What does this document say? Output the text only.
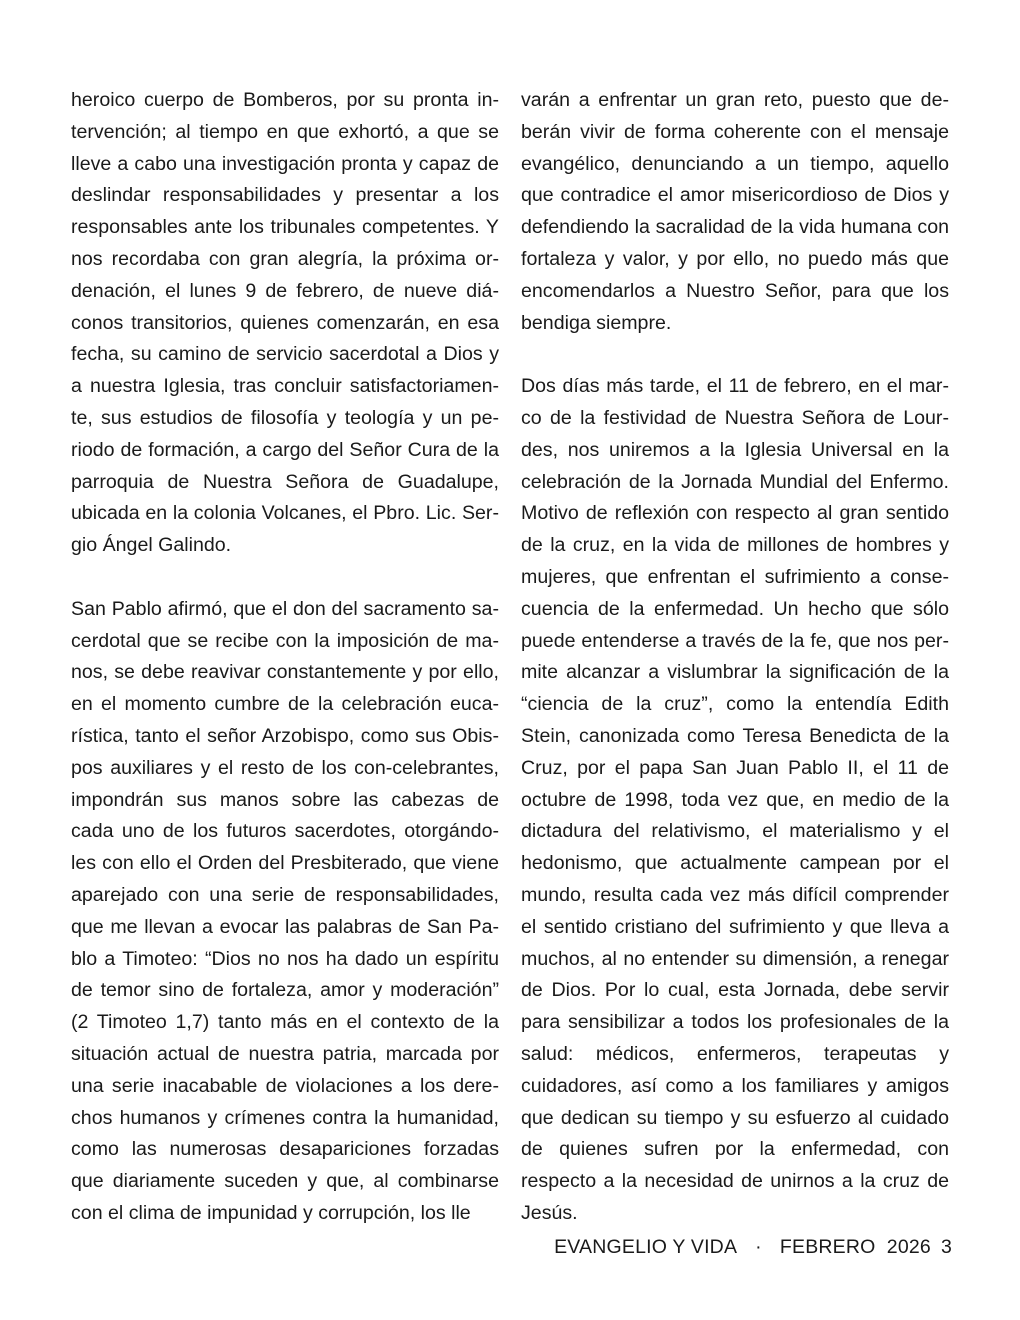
heroico cuerpo de Bomberos, por su pronta intervención; al tiempo en que exhortó, a que se lleve a cabo una investigación pronta y capaz de deslindar responsabilidades y presentar a los responsables ante los tribunales competentes. Y nos recordaba con gran alegría, la próxima ordenación, el lunes 9 de febrero, de nueve diáconos transitorios, quienes comenzarán, en esa fecha, su camino de servicio sacerdotal a Dios y a nuestra Iglesia, tras concluir satisfactoriamente, sus estudios de filosofía y teología y un periodo de formación, a cargo del Señor Cura de la parroquia de Nuestra Señora de Guadalupe, ubicada en la colonia Volcanes, el Pbro. Lic. Sergio Ángel Galindo.

San Pablo afirmó, que el don del sacramento sacerdotal que se recibe con la imposición de manos, se debe reavivar constantemente y por ello, en el momento cumbre de la celebración eucarística, tanto el señor Arzobispo, como sus Obispos auxiliares y el resto de los con-celebrantes, impondrán sus manos sobre las cabezas de cada uno de los futuros sacerdotes, otorgándoles con ello el Orden del Presbiterado, que viene aparejado con una serie de responsabilidades, que me llevan a evocar las palabras de San Pablo a Timoteo: “Dios no nos ha dado un espíritu de temor sino de fortaleza, amor y moderación” (2 Timoteo 1,7) tanto más en el contexto de la situación actual de nuestra patria, marcada por una serie inacabable de violaciones a los derechos humanos y crímenes contra la humanidad, como las numerosas desapariciones forzadas que diariamente suceden y que, al combinarse con el clima de impunidad y corrupción, los lle

varán a enfrentar un gran reto, puesto que deberán vivir de forma coherente con el mensaje evangélico, denunciando a un tiempo, aquello que contradice el amor misericordioso de Dios y defendiendo la sacralidad de la vida humana con fortaleza y valor, y por ello, no puedo más que encomendarlos a Nuestro Señor, para que los bendiga siempre.

Dos días más tarde, el 11 de febrero, en el marco de la festividad de Nuestra Señora de Lourdes, nos uniremos a la Iglesia Universal en la celebración de la Jornada Mundial del Enfermo. Motivo de reflexión con respecto al gran sentido de la cruz, en la vida de millones de hombres y mujeres, que enfrentan el sufrimiento a consecuencia de la enfermedad. Un hecho que sólo puede entenderse a través de la fe, que nos permite alcanzar a vislumbrar la significación de la “ciencia de la cruz”, como la entendía Edith Stein, canonizada como Teresa Benedicta de la Cruz, por el papa San Juan Pablo II, el 11 de octubre de 1998, toda vez que, en medio de la dictadura del relativismo, el materialismo y el hedonismo, que actualmente campean por el mundo, resulta cada vez más difícil comprender el sentido cristiano del sufrimiento y que lleva a muchos, al no entender su dimensión, a renegar de Dios. Por lo cual, esta Jornada, debe servir para sensibilizar a todos los profesionales de la salud: médicos, enfermeros, terapeutas y cuidadores, así como a los familiares y amigos que dedican su tiempo y su esfuerzo al cuidado de quienes sufren por la enfermedad, con respecto a la necesidad de unirnos a la cruz de Jesús.

EVANGELIO Y VIDA · FEBRERO  2026 3
